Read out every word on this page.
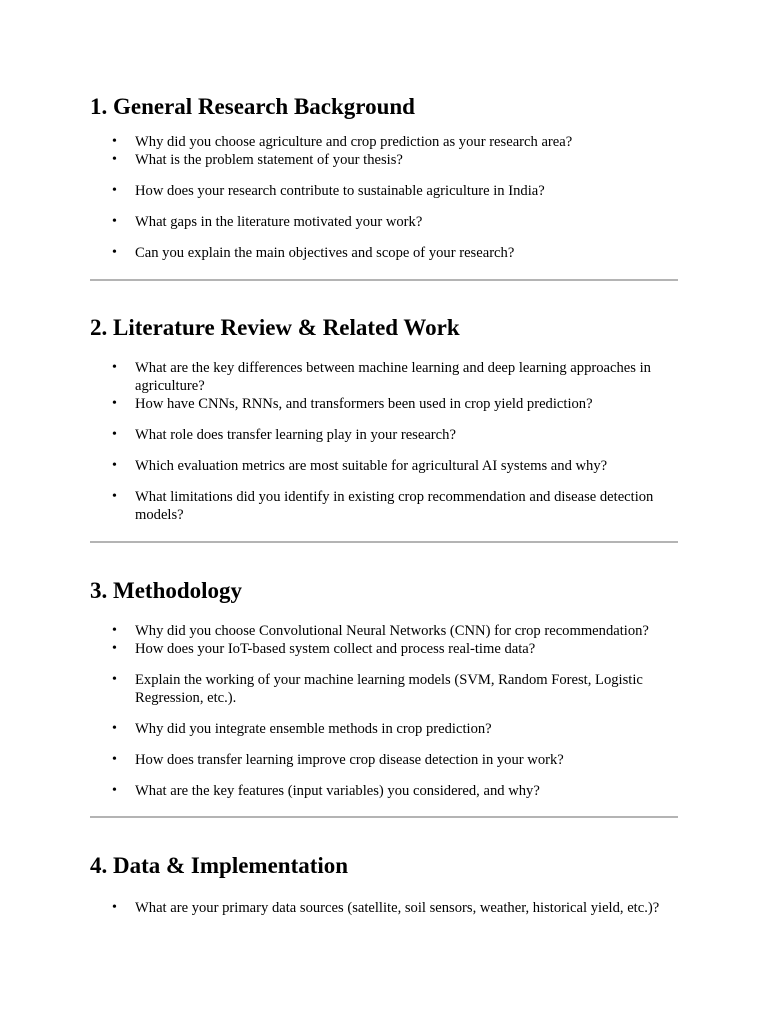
1. General Research Background
• Why did you choose agriculture and crop prediction as your research area?
• What is the problem statement of your thesis?
• How does your research contribute to sustainable agriculture in India?
• What gaps in the literature motivated your work?
• Can you explain the main objectives and scope of your research?
2. Literature Review & Related Work
• What are the key differences between machine learning and deep learning approaches in agriculture?
• How have CNNs, RNNs, and transformers been used in crop yield prediction?
• What role does transfer learning play in your research?
• Which evaluation metrics are most suitable for agricultural AI systems and why?
• What limitations did you identify in existing crop recommendation and disease detection models?
3. Methodology
• Why did you choose Convolutional Neural Networks (CNN) for crop recommendation?
• How does your IoT-based system collect and process real-time data?
• Explain the working of your machine learning models (SVM, Random Forest, Logistic Regression, etc.).
• Why did you integrate ensemble methods in crop prediction?
• How does transfer learning improve crop disease detection in your work?
• What are the key features (input variables) you considered, and why?
4. Data & Implementation
• What are your primary data sources (satellite, soil sensors, weather, historical yield, etc.)?
